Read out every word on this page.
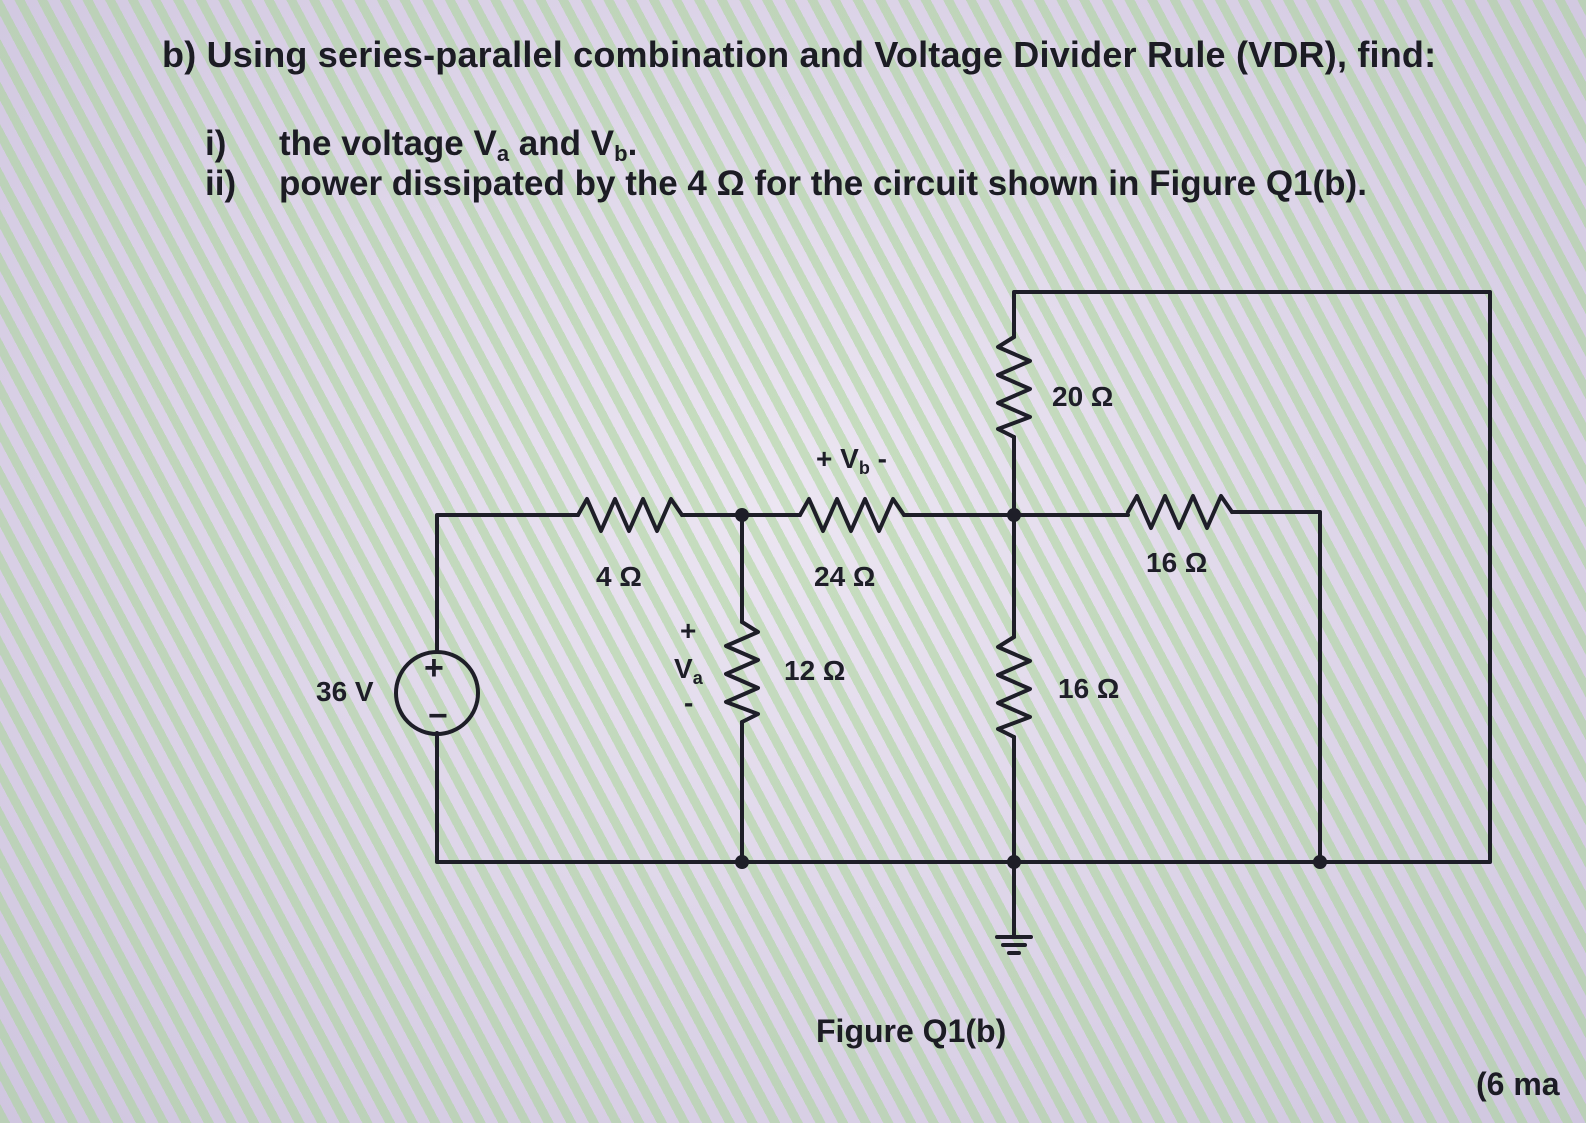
b) Using series-parallel combination and Voltage Divider Rule (VDR), find:
i) the voltage $V_a$ and $V_b$.
ii) power dissipated by the 4 Ω for the circuit shown in Figure Q1(b).
+
−
36 V
4 Ω	24 Ω
12 Ω
20 Ω
16 Ω
16 Ω
+ $V_b$ -
+
$V_a$
-
Figure Q1(b)
(6 ma
